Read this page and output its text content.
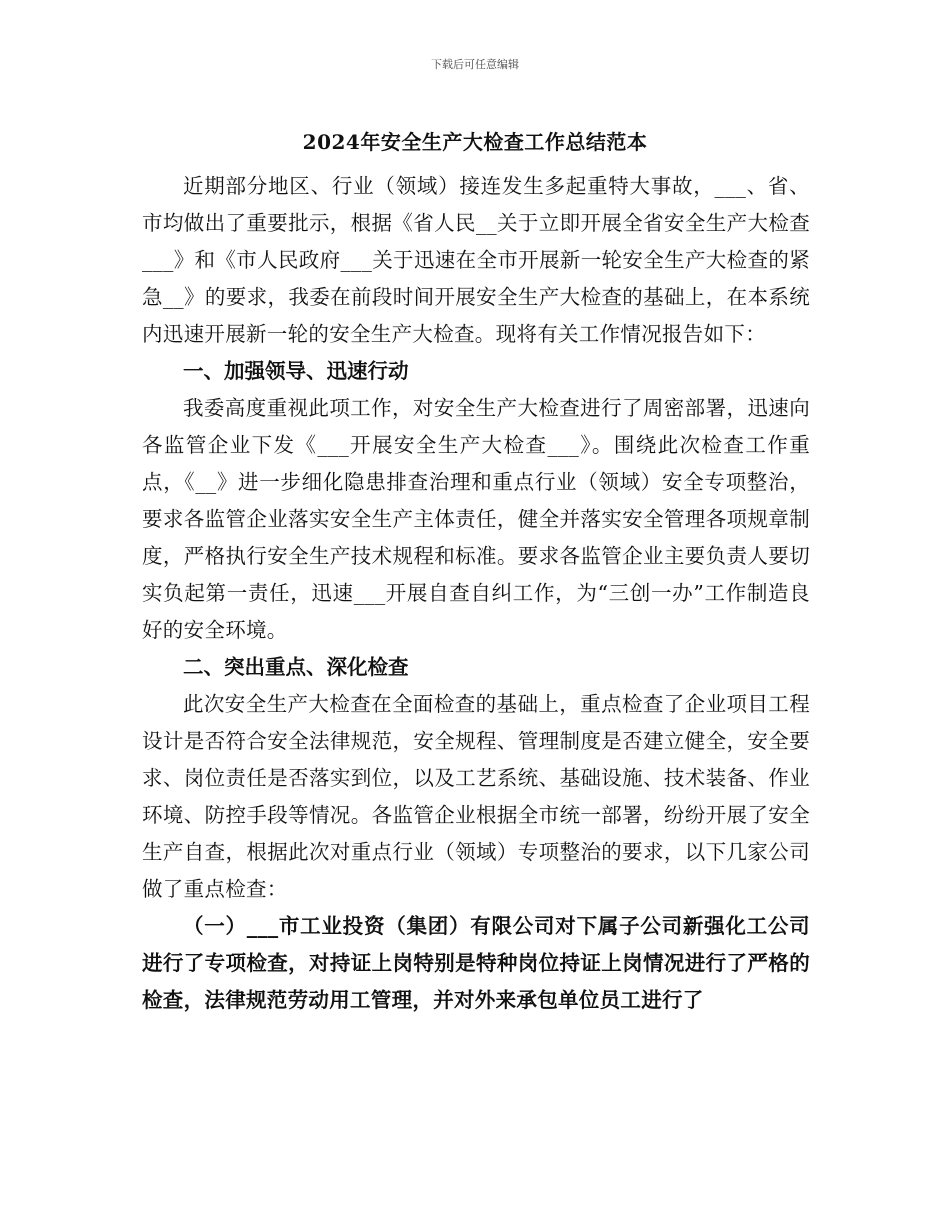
下载后可任意编辑
2024年安全生产大检查工作总结范本

近期部分地区、行业（领域）接连发生多起重特大事故，___、省、市均做出了重要批示，根据《省人民__关于立即开展全省安全生产大检查___》和《市人民政府___关于迅速在全市开展新一轮安全生产大检查的紧急__》的要求，我委在前段时间开展安全生产大检查的基础上，在本系统内迅速开展新一轮的安全生产大检查。现将有关工作情况报告如下：

一、加强领导、迅速行动

我委高度重视此项工作，对安全生产大检查进行了周密部署，迅速向各监管企业下发《___开展安全生产大检查___》。围绕此次检查工作重点，《__》进一步细化隐患排查治理和重点行业（领域）安全专项整治，要求各监管企业落实安全生产主体责任，健全并落实安全管理各项规章制度，严格执行安全生产技术规程和标准。要求各监管企业主要负责人要切实负起第一责任，迅速___开展自查自纠工作，为“三创一办”工作制造良好的安全环境。

二、突出重点、深化检查

此次安全生产大检查在全面检查的基础上，重点检查了企业项目工程设计是否符合安全法律规范，安全规程、管理制度是否建立健全，安全要求、岗位责任是否落实到位，以及工艺系统、基础设施、技术装备、作业环境、防控手段等情况。各监管企业根据全市统一部署，纷纷开展了安全生产自查，根据此次对重点行业（领域）专项整治的要求，以下几家公司做了重点检查：

（一）___市工业投资（集团）有限公司对下属子公司新强化工公司进行了专项检查，对持证上岗特别是特种岗位持证上岗情况进行了严格的检查，法律规范劳动用工管理，并对外来承包单位员工进行了
